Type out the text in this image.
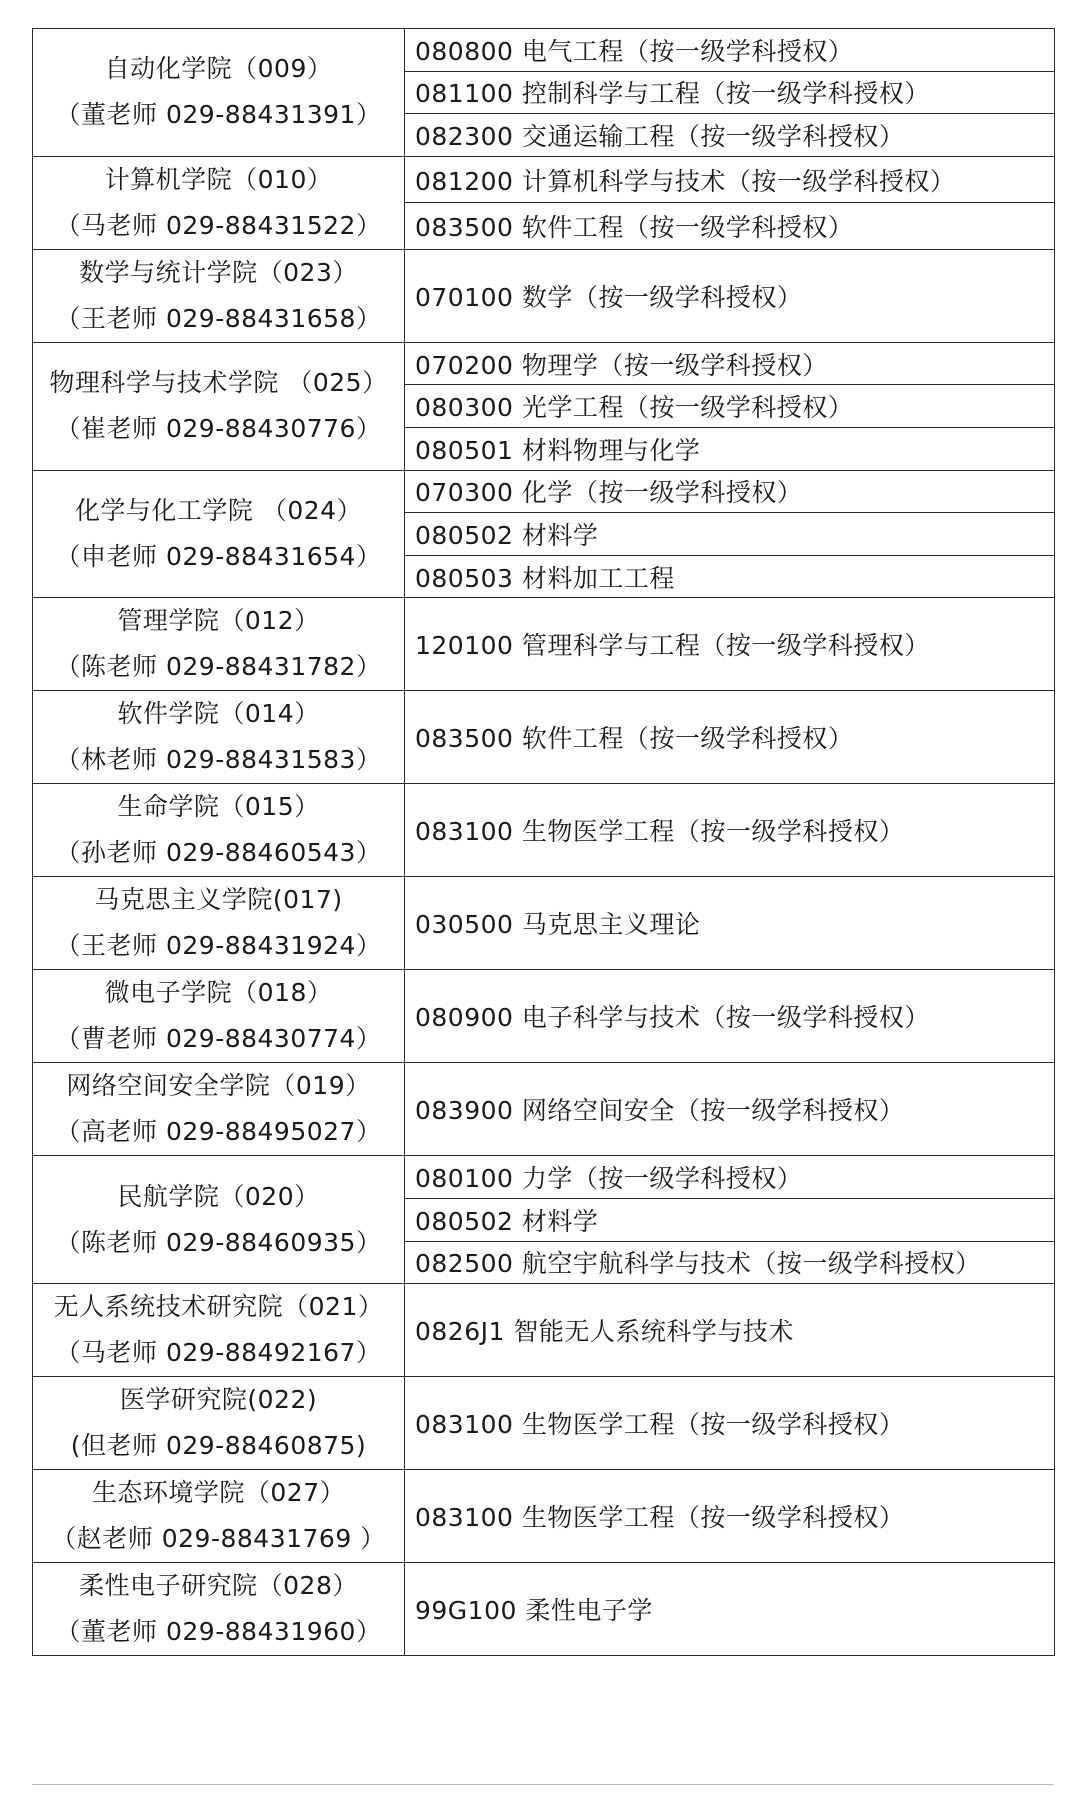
自动化学院（009）
（董老师 029-88431391）	080800 电气工程（按一级学科授权）
	081100 控制科学与工程（按一级学科授权）
	082300 交通运输工程（按一级学科授权）

计算机学院（010）
（马老师 029-88431522）	081200 计算机科学与技术（按一级学科授权）
	083500 软件工程（按一级学科授权）

数学与统计学院（023）
（王老师 029-88431658）	070100 数学（按一级学科授权）

物理科学与技术学院 （025）
（崔老师 029-88430776）	070200 物理学（按一级学科授权）
	080300 光学工程（按一级学科授权）
	080501 材料物理与化学

化学与化工学院 （024）
（申老师 029-88431654）	070300 化学（按一级学科授权）
	080502 材料学
	080503 材料加工工程

管理学院（012）
（陈老师 029-88431782）	120100 管理科学与工程（按一级学科授权）

软件学院（014）
（林老师 029-88431583）	083500 软件工程（按一级学科授权）

生命学院（015）
（孙老师 029-88460543）	083100 生物医学工程（按一级学科授权）

马克思主义学院(017)
（王老师 029-88431924）	030500 马克思主义理论

微电子学院（018）
（曹老师 029-88430774）	080900 电子科学与技术（按一级学科授权）

网络空间安全学院（019）
（高老师 029-88495027）	083900 网络空间安全（按一级学科授权）

民航学院（020）
（陈老师 029-88460935）	080100 力学（按一级学科授权）
	080502 材料学
	082500 航空宇航科学与技术（按一级学科授权）

无人系统技术研究院（021）
（马老师 029-88492167）	0826J1 智能无人系统科学与技术

医学研究院(022)
(但老师 029-88460875)	083100 生物医学工程（按一级学科授权）

生态环境学院（027）
（赵老师 029-88431769 ）	083100 生物医学工程（按一级学科授权）

柔性电子研究院（028）
（董老师 029-88431960）	99G100 柔性电子学
